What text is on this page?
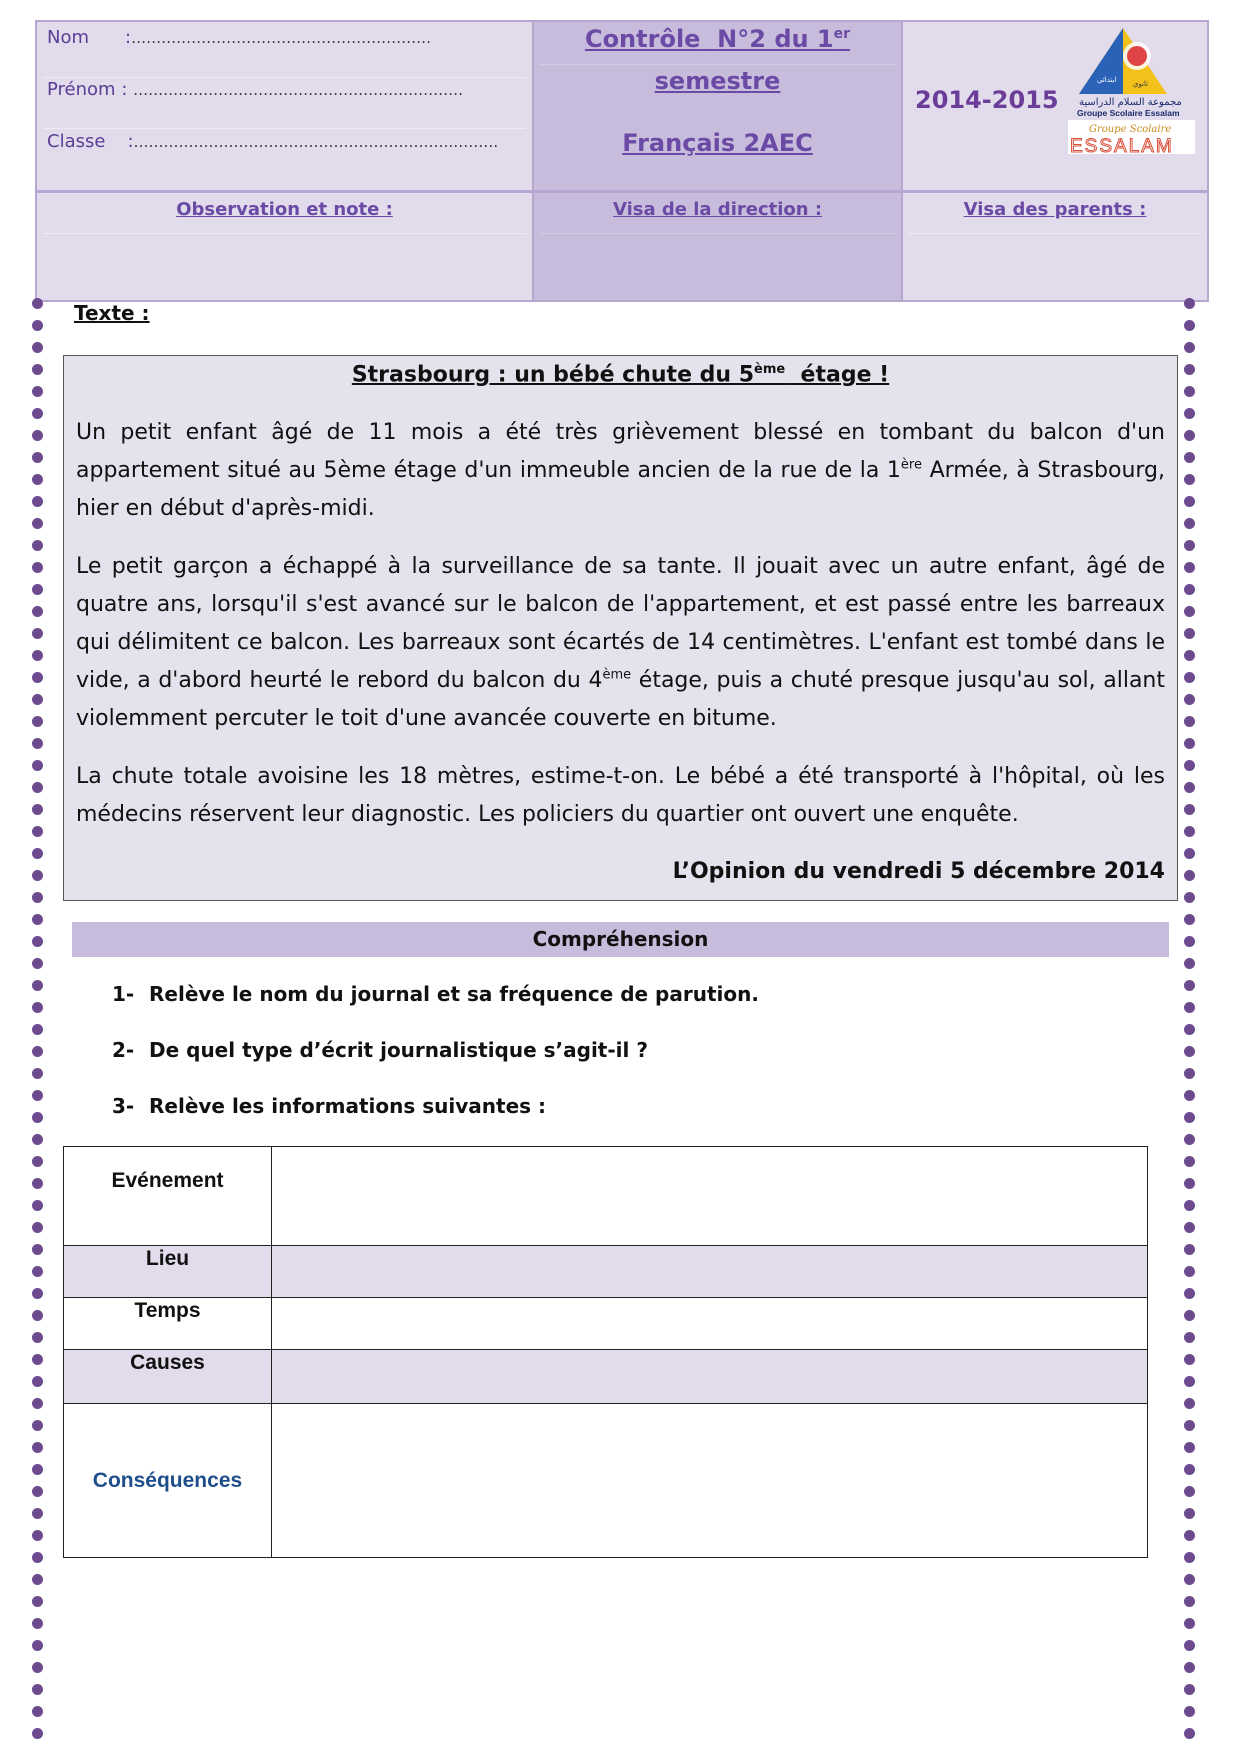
Nom :……………………………………………………
Prénom : …………………………………………………………
Classe :……………………………………………………….………
Contrôle N°2 du 1er
semestre
Français 2AEC
2014-2015
ابتدائي ثانوي
مجموعة السلام الدراسية
Groupe Scolaire Essalam
Groupe Scolaire
ESSALAM
Observation et note :	Visa de la direction :	Visa des parents :
Texte :
Strasbourg : un bébé chute du 5ème  étage !
Un petit enfant âgé de 11 mois a été très grièvement blessé en tombant du balcon d'un appartement situé au 5ème étage d'un immeuble ancien de la rue de la 1ère Armée, à Strasbourg, hier en début d'après-midi.
Le petit garçon a échappé à la surveillance de sa tante. Il jouait avec un autre enfant, âgé de quatre ans, lorsqu'il s'est avancé sur le balcon de l'appartement, et est passé entre les barreaux qui délimitent ce balcon. Les barreaux sont écartés de 14 centimètres. L'enfant est tombé dans le vide, a d'abord heurté le rebord du balcon du 4ème étage, puis a chuté presque jusqu'au sol, allant violemment percuter le toit d'une avancée couverte en bitume.
La chute totale avoisine les 18 mètres, estime-t-on. Le bébé a été transporté à l'hôpital, où les médecins réservent leur diagnostic. Les policiers du quartier ont ouvert une enquête.
L’Opinion du vendredi 5 décembre 2014
Compréhension
1- Relève le nom du journal et sa fréquence de parution.
2- De quel type d’écrit journalistique s’agit-il ?
3- Relève les informations suivantes :
Evénement	
Lieu	
Temps	
Causes	
Conséquences	
